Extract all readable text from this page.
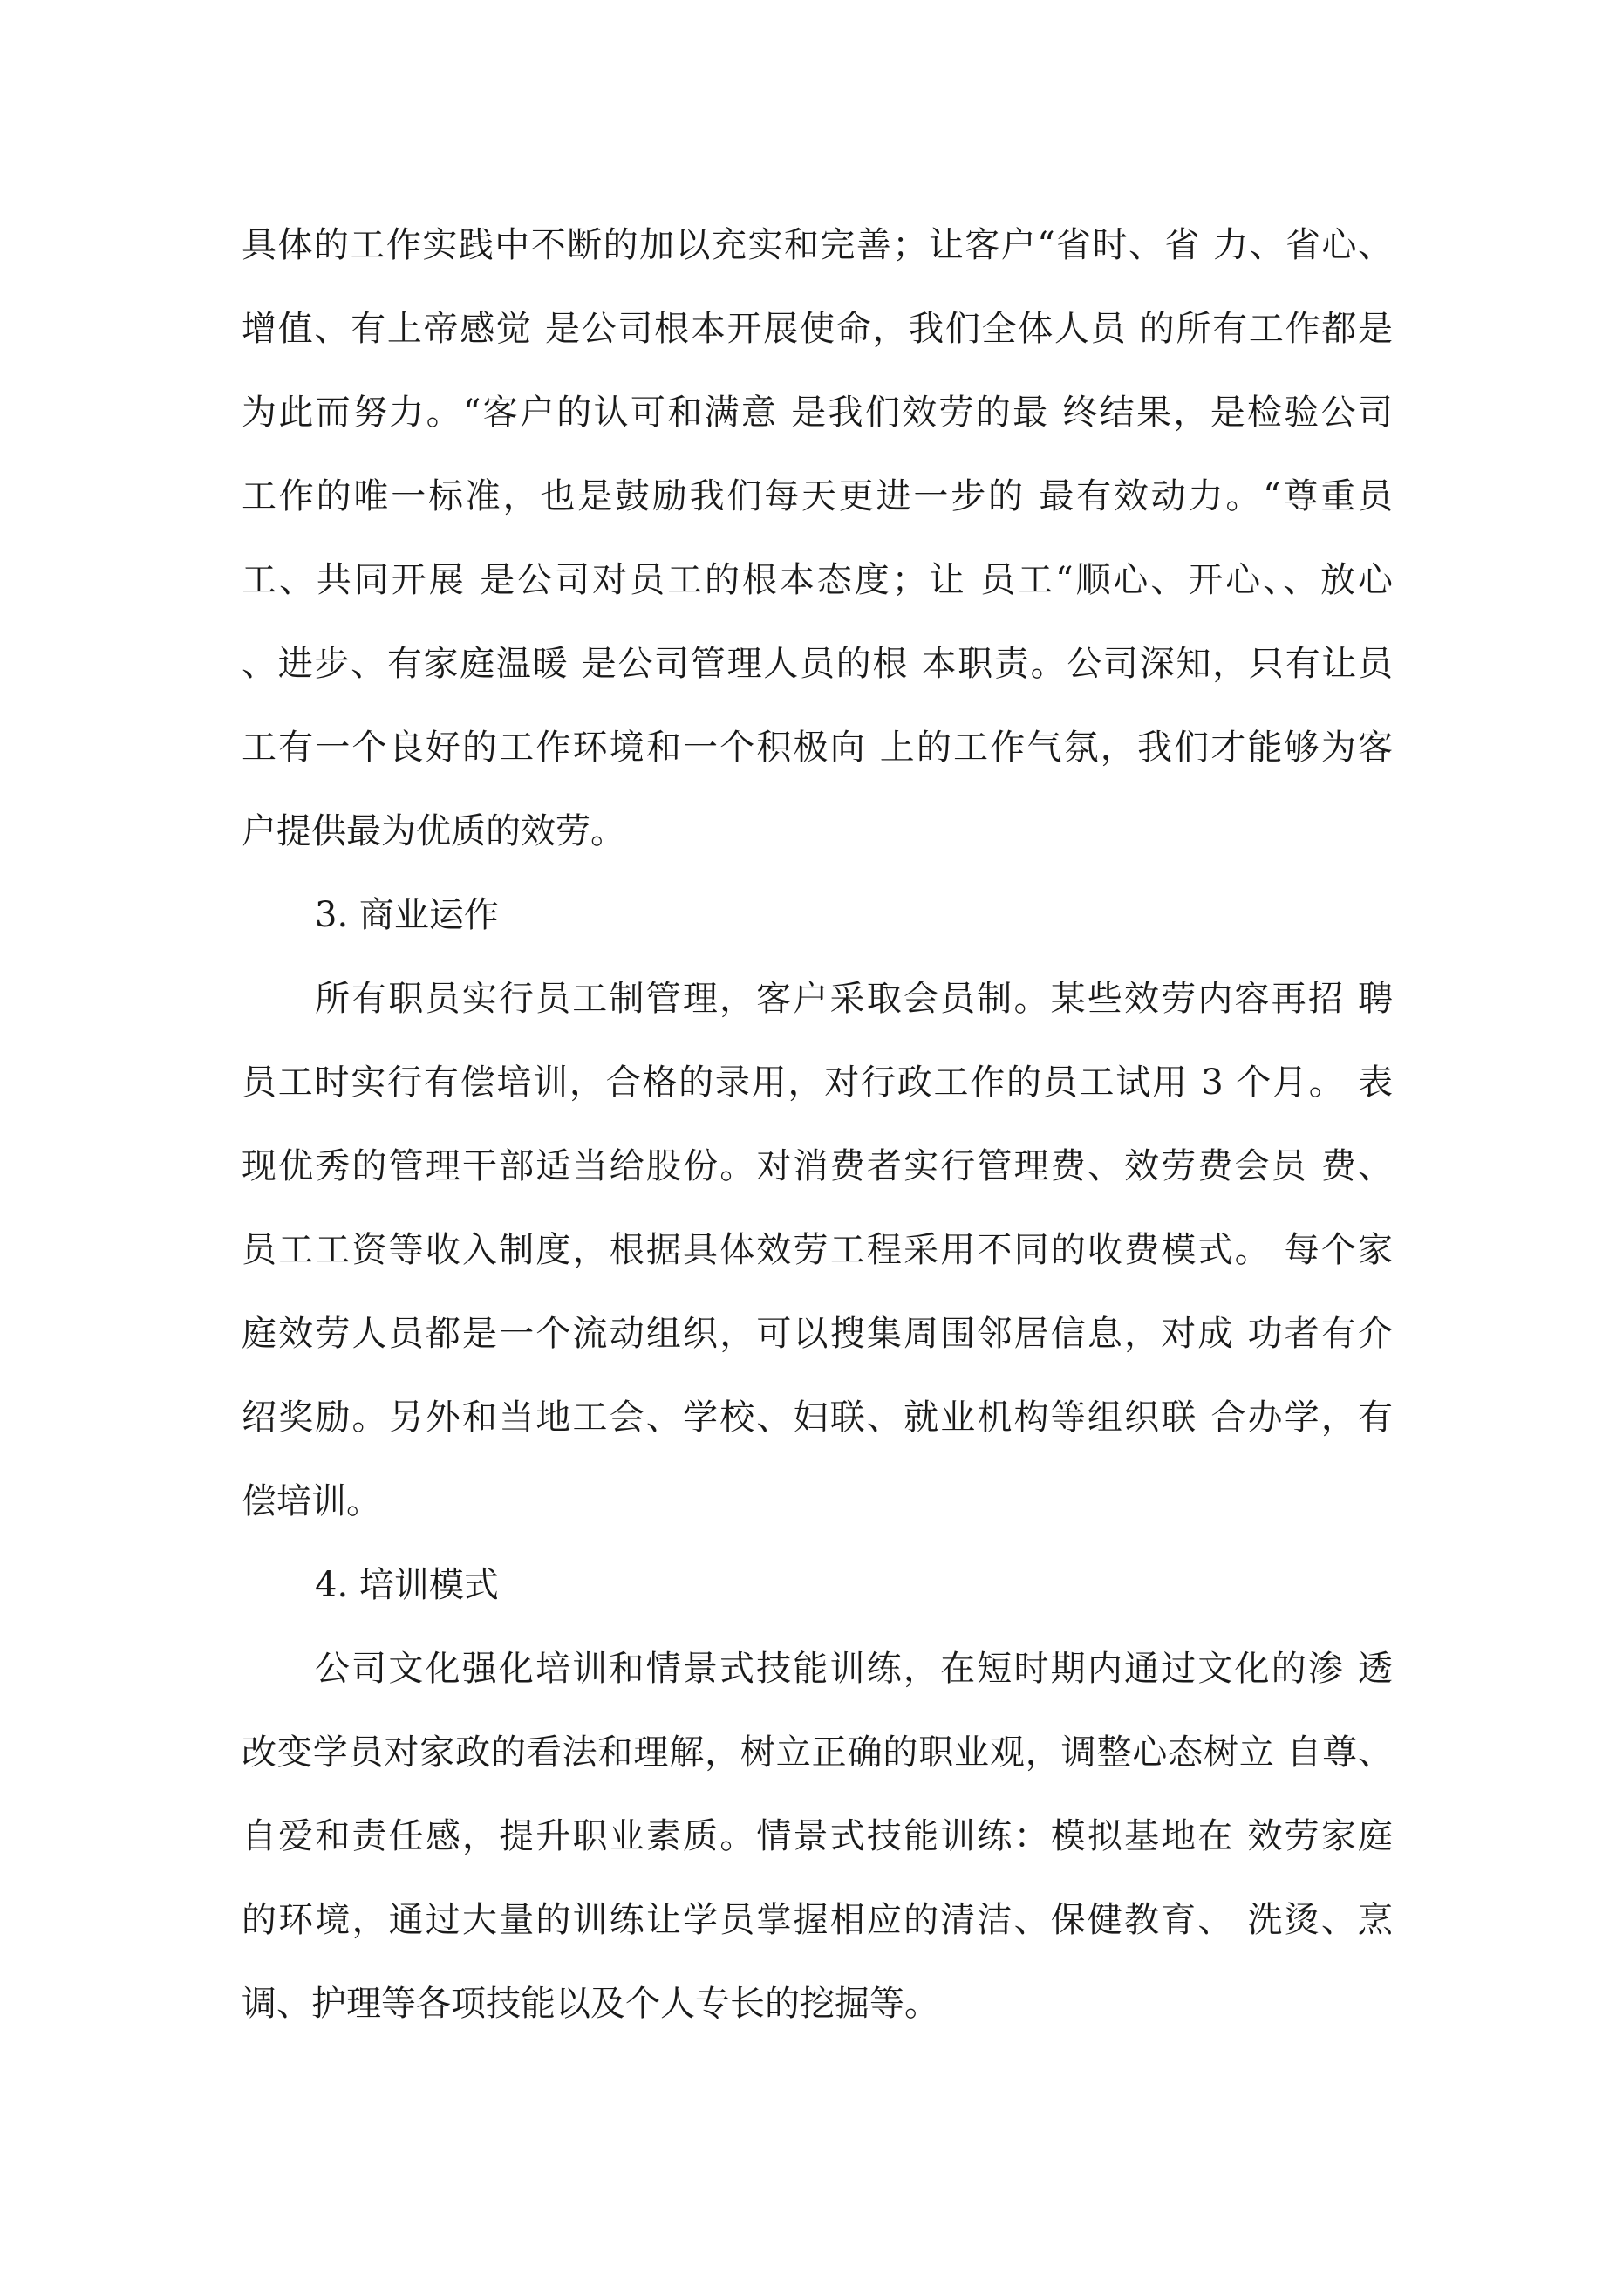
具体的工作实践中不断的加以充实和完善；让客户“省时、省 力、省心、
增值、有上帝感觉 是公司根本开展使命，我们全体人员 的所有工作都是
为此而努力。“客户的认可和满意 是我们效劳的最 终结果，是检验公司
工作的唯一标准，也是鼓励我们每天更进一步的 最有效动力。“尊重员
工、共同开展 是公司对员工的根本态度；让 员工“顺心、开心、、放心
、进步、有家庭温暖 是公司管理人员的根 本职责。公司深知，只有让员
工有一个良好的工作环境和一个积极向 上的工作气氛，我们才能够为客
户提供最为优质的效劳。
3. 商业运作
所有职员实行员工制管理，客户采取会员制。某些效劳内容再招 聘
员工时实行有偿培训，合格的录用，对行政工作的员工试用 3 个月。 表
现优秀的管理干部适当给股份。对消费者实行管理费、效劳费会员 费、
员工工资等收入制度，根据具体效劳工程采用不同的收费模式。 每个家
庭效劳人员都是一个流动组织，可以搜集周围邻居信息，对成 功者有介
绍奖励。另外和当地工会、学校、妇联、就业机构等组织联 合办学，有
偿培训。
4. 培训模式
公司文化强化培训和情景式技能训练，在短时期内通过文化的渗 透
改变学员对家政的看法和理解，树立正确的职业观，调整心态树立 自尊、
自爱和责任感，提升职业素质。情景式技能训练：模拟基地在 效劳家庭
的环境，通过大量的训练让学员掌握相应的清洁、保健教育、 洗烫、烹
调、护理等各项技能以及个人专长的挖掘等。
